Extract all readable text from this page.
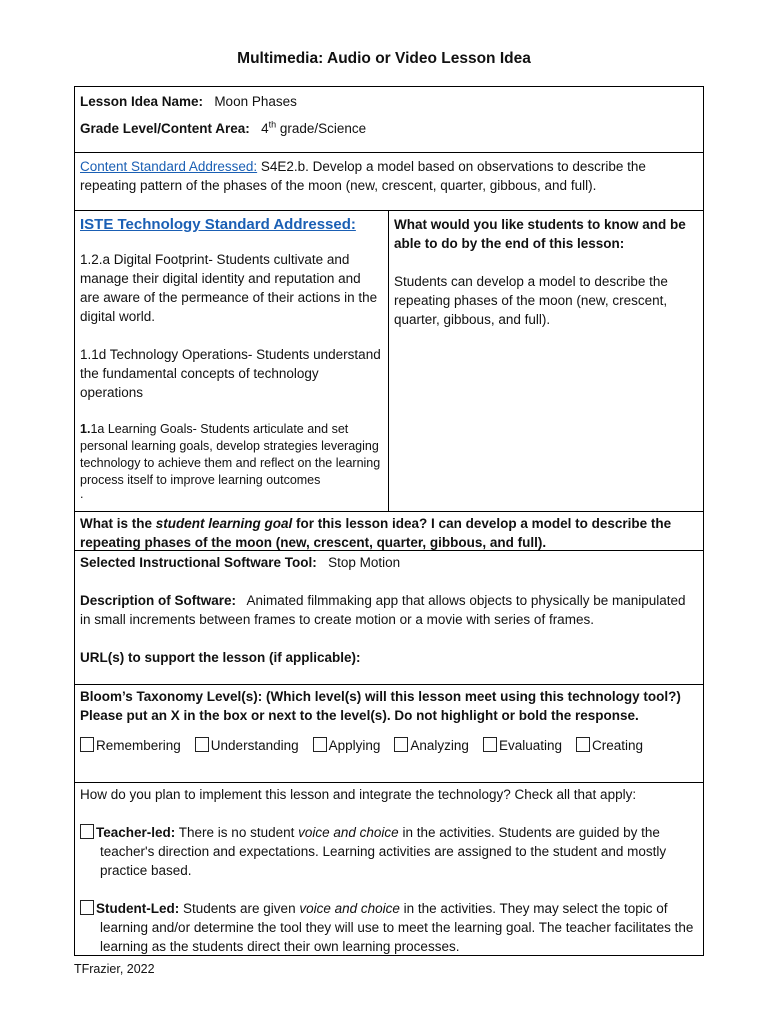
Multimedia: Audio or Video Lesson Idea

Lesson Idea Name: Moon Phases

Grade Level/Content Area: 4th grade/Science

Content Standard Addressed: S4E2.b. Develop a model based on observations to describe the repeating pattern of the phases of the moon (new, crescent, quarter, gibbous, and full).

ISTE Technology Standard Addressed:

1.2.a Digital Footprint- Students cultivate and manage their digital identity and reputation and are aware of the permeance of their actions in the digital world.

1.1d Technology Operations- Students understand the fundamental concepts of technology operations

1.1a Learning Goals- Students articulate and set personal learning goals, develop strategies leveraging technology to achieve them and reflect on the learning process itself to improve learning outcomes

.

What would you like students to know and be able to do by the end of this lesson:

Students can develop a model to describe the repeating phases of the moon (new, crescent, quarter, gibbous, and full).

What is the student learning goal for this lesson idea? I can develop a model to describe the repeating phases of the moon (new, crescent, quarter, gibbous, and full).

Selected Instructional Software Tool: Stop Motion

Description of Software: Animated filmmaking app that allows objects to physically be manipulated in small increments between frames to create motion or a movie with series of frames.

URL(s) to support the lesson (if applicable):

Bloom’s Taxonomy Level(s): (Which level(s) will this lesson meet using this technology tool?) Please put an X in the box or next to the level(s). Do not highlight or bold the response.

Remembering	Understanding	Applying	Analyzing	Evaluating	Creating

How do you plan to implement this lesson and integrate the technology? Check all that apply:

Teacher-led: There is no student voice and choice in the activities. Students are guided by the teacher's direction and expectations. Learning activities are assigned to the student and mostly practice based.

Student-Led: Students are given voice and choice in the activities. They may select the topic of learning and/or determine the tool they will use to meet the learning goal. The teacher facilitates the learning as the students direct their own learning processes.

TFrazier, 2022
